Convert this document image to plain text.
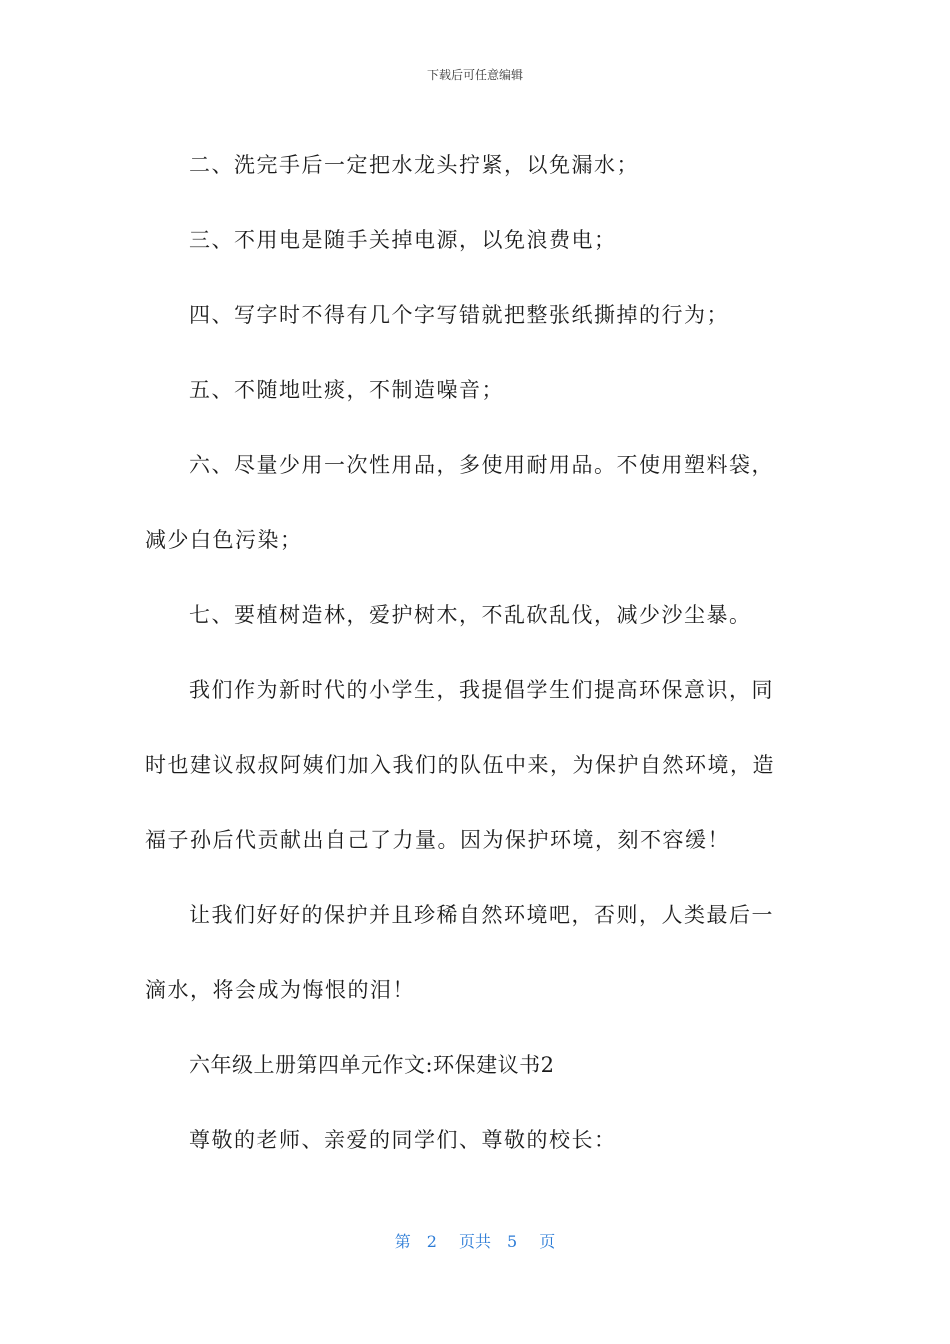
下载后可任意编辑

二、洗完手后一定把水龙头拧紧，以免漏水；

三、不用电是随手关掉电源，以免浪费电；

四、写字时不得有几个字写错就把整张纸撕掉的行为；

五、不随地吐痰，不制造噪音；

六、尽量少用一次性用品，多使用耐用品。不使用塑料袋，减少白色污染；

七、要植树造林，爱护树木，不乱砍乱伐，减少沙尘暴。

我们作为新时代的小学生，我提倡学生们提高环保意识，同时也建议叔叔阿姨们加入我们的队伍中来，为保护自然环境，造福子孙后代贡献出自己了力量。因为保护环境，刻不容缓！

让我们好好的保护并且珍稀自然环境吧，否则，人类最后一滴水，将会成为悔恨的泪！

六年级上册第四单元作文:环保建议书2

尊敬的老师、亲爱的同学们、尊敬的校长：

第 2 页共 5 页
